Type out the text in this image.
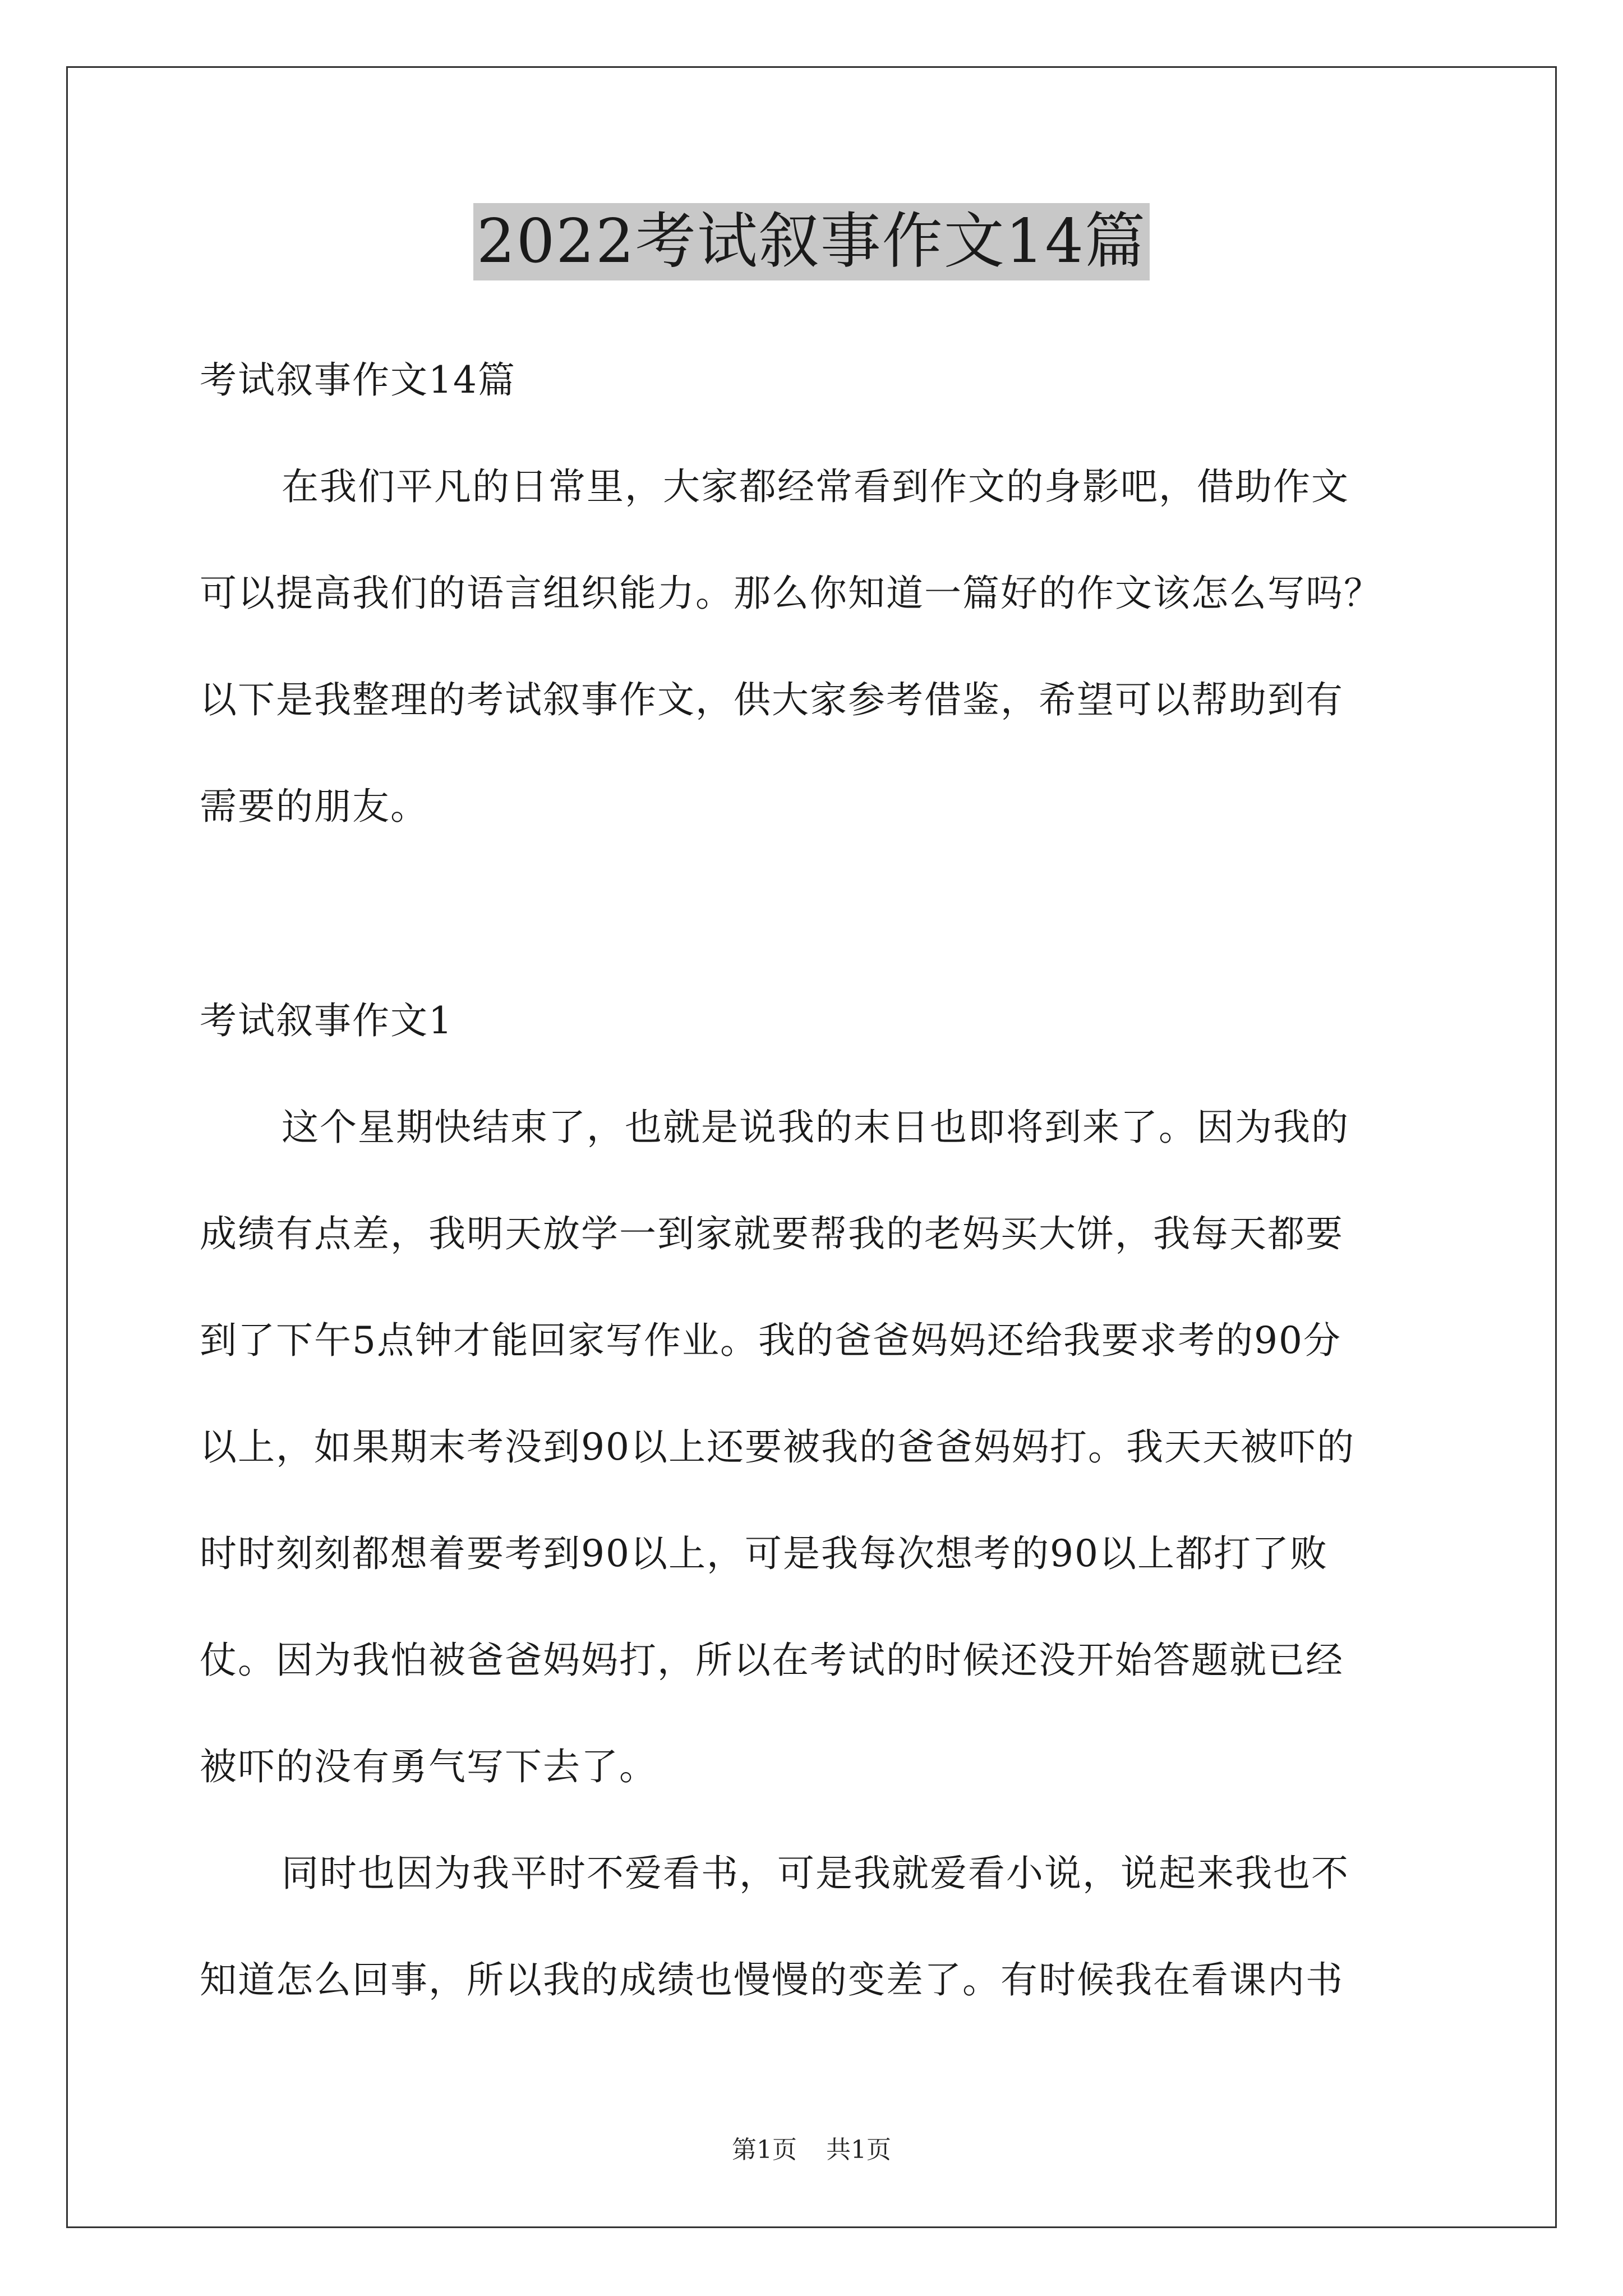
2022考试叙事作文14篇
考试叙事作文14篇
在我们平凡的日常里，大家都经常看到作文的身影吧，借助作文
可以提高我们的语言组织能力。那么你知道一篇好的作文该怎么写吗？
以下是我整理的考试叙事作文，供大家参考借鉴，希望可以帮助到有
需要的朋友。
考试叙事作文1
这个星期快结束了，也就是说我的末日也即将到来了。因为我的
成绩有点差，我明天放学一到家就要帮我的老妈买大饼，我每天都要
到了下午5点钟才能回家写作业。我的爸爸妈妈还给我要求考的90分
以上，如果期末考没到90以上还要被我的爸爸妈妈打。我天天被吓的
时时刻刻都想着要考到90以上，可是我每次想考的90以上都打了败
仗。因为我怕被爸爸妈妈打，所以在考试的时候还没开始答题就已经
被吓的没有勇气写下去了。
同时也因为我平时不爱看书，可是我就爱看小说，说起来我也不
知道怎么回事，所以我的成绩也慢慢的变差了。有时候我在看课内书
第1页 共1页
